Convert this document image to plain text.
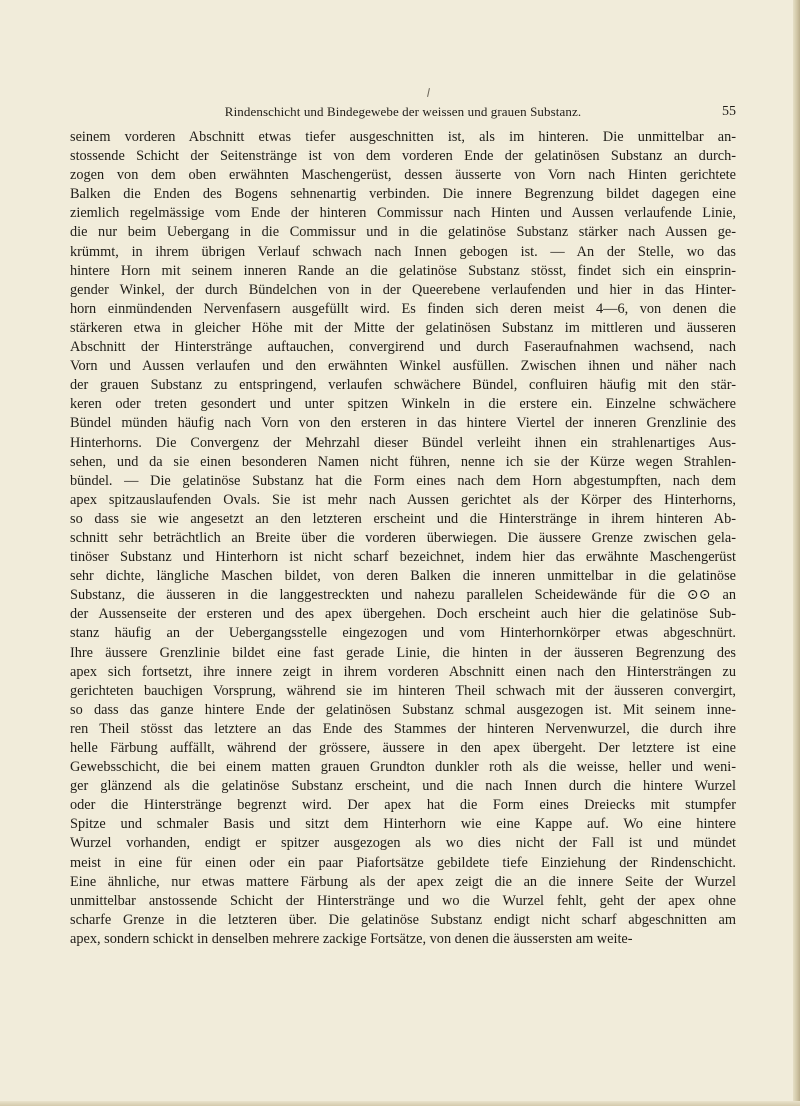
Rindenschicht und Bindegewebe der weissen und grauen Substanz.	55
seinem vorderen Abschnitt etwas tiefer ausgeschnitten ist, als im hinteren. Die unmittelbar an-
stossende Schicht der Seitenstränge ist von dem vorderen Ende der gelatinösen Substanz an durch-
zogen von dem oben erwähnten Maschengerüst, dessen äusserte von Vorn nach Hinten gerichtete
Balken die Enden des Bogens sehnenartig verbinden. Die innere Begrenzung bildet dagegen eine
ziemlich regelmässige vom Ende der hinteren Commissur nach Hinten und Aussen verlaufende Linie,
die nur beim Uebergang in die Commissur und in die gelatinöse Substanz stärker nach Aussen ge-
krümmt, in ihrem übrigen Verlauf schwach nach Innen gebogen ist. — An der Stelle, wo das
hintere Horn mit seinem inneren Rande an die gelatinöse Substanz stösst, findet sich ein einsprin-
gender Winkel, der durch Bündelchen von in der Queerebene verlaufenden und hier in das Hinter-
horn einmündenden Nervenfasern ausgefüllt wird. Es finden sich deren meist 4—6, von denen die
stärkeren etwa in gleicher Höhe mit der Mitte der gelatinösen Substanz im mittleren und äusseren
Abschnitt der Hinterstränge auftauchen, convergirend und durch Faseraufnahmen wachsend, nach
Vorn und Aussen verlaufen und den erwähnten Winkel ausfüllen. Zwischen ihnen und näher nach
der grauen Substanz zu entspringend, verlaufen schwächere Bündel, confluiren häufig mit den stär-
keren oder treten gesondert und unter spitzen Winkeln in die erstere ein. Einzelne schwächere
Bündel münden häufig nach Vorn von den ersteren in das hintere Viertel der inneren Grenzlinie des
Hinterhorns. Die Convergenz der Mehrzahl dieser Bündel verleiht ihnen ein strahlenartiges Aus-
sehen, und da sie einen besonderen Namen nicht führen, nenne ich sie der Kürze wegen Strahlen-
bündel. — Die gelatinöse Substanz hat die Form eines nach dem Horn abgestumpften, nach dem
apex spitzauslaufenden Ovals. Sie ist mehr nach Aussen gerichtet als der Körper des Hinterhorns,
so dass sie wie angesetzt an den letzteren erscheint und die Hinterstränge in ihrem hinteren Ab-
schnitt sehr beträchtlich an Breite über die vorderen überwiegen. Die äussere Grenze zwischen gela-
tinöser Substanz und Hinterhorn ist nicht scharf bezeichnet, indem hier das erwähnte Maschengerüst
sehr dichte, längliche Maschen bildet, von deren Balken die inneren unmittelbar in die gelatinöse
Substanz, die äusseren in die langgestreckten und nahezu parallelen Scheidewände für die ⊙⊙ an
der Aussenseite der ersteren und des apex übergehen. Doch erscheint auch hier die gelatinöse Sub-
stanz häufig an der Uebergangsstelle eingezogen und vom Hinterhornkörper etwas abgeschnürt.
Ihre äussere Grenzlinie bildet eine fast gerade Linie, die hinten in der äusseren Begrenzung des
apex sich fortsetzt, ihre innere zeigt in ihrem vorderen Abschnitt einen nach den Hintersträngen zu
gerichteten bauchigen Vorsprung, während sie im hinteren Theil schwach mit der äusseren convergirt,
so dass das ganze hintere Ende der gelatinösen Substanz schmal ausgezogen ist. Mit seinem inne-
ren Theil stösst das letztere an das Ende des Stammes der hinteren Nervenwurzel, die durch ihre
helle Färbung auffällt, während der grössere, äussere in den apex übergeht. Der letztere ist eine
Gewebsschicht, die bei einem matten grauen Grundton dunkler roth als die weisse, heller und weni-
ger glänzend als die gelatinöse Substanz erscheint, und die nach Innen durch die hintere Wurzel
oder die Hinterstränge begrenzt wird. Der apex hat die Form eines Dreiecks mit stumpfer
Spitze und schmaler Basis und sitzt dem Hinterhorn wie eine Kappe auf. Wo eine hintere
Wurzel vorhanden, endigt er spitzer ausgezogen als wo dies nicht der Fall ist und mündet
meist in eine für einen oder ein paar Piafortsätze gebildete tiefe Einziehung der Rindenschicht.
Eine ähnliche, nur etwas mattere Färbung als der apex zeigt die an die innere Seite der Wurzel
unmittelbar anstossende Schicht der Hinterstränge und wo die Wurzel fehlt, geht der apex ohne
scharfe Grenze in die letzteren über. Die gelatinöse Substanz endigt nicht scharf abgeschnitten am
apex, sondern schickt in denselben mehrere zackige Fortsätze, von denen die äussersten am weite-
